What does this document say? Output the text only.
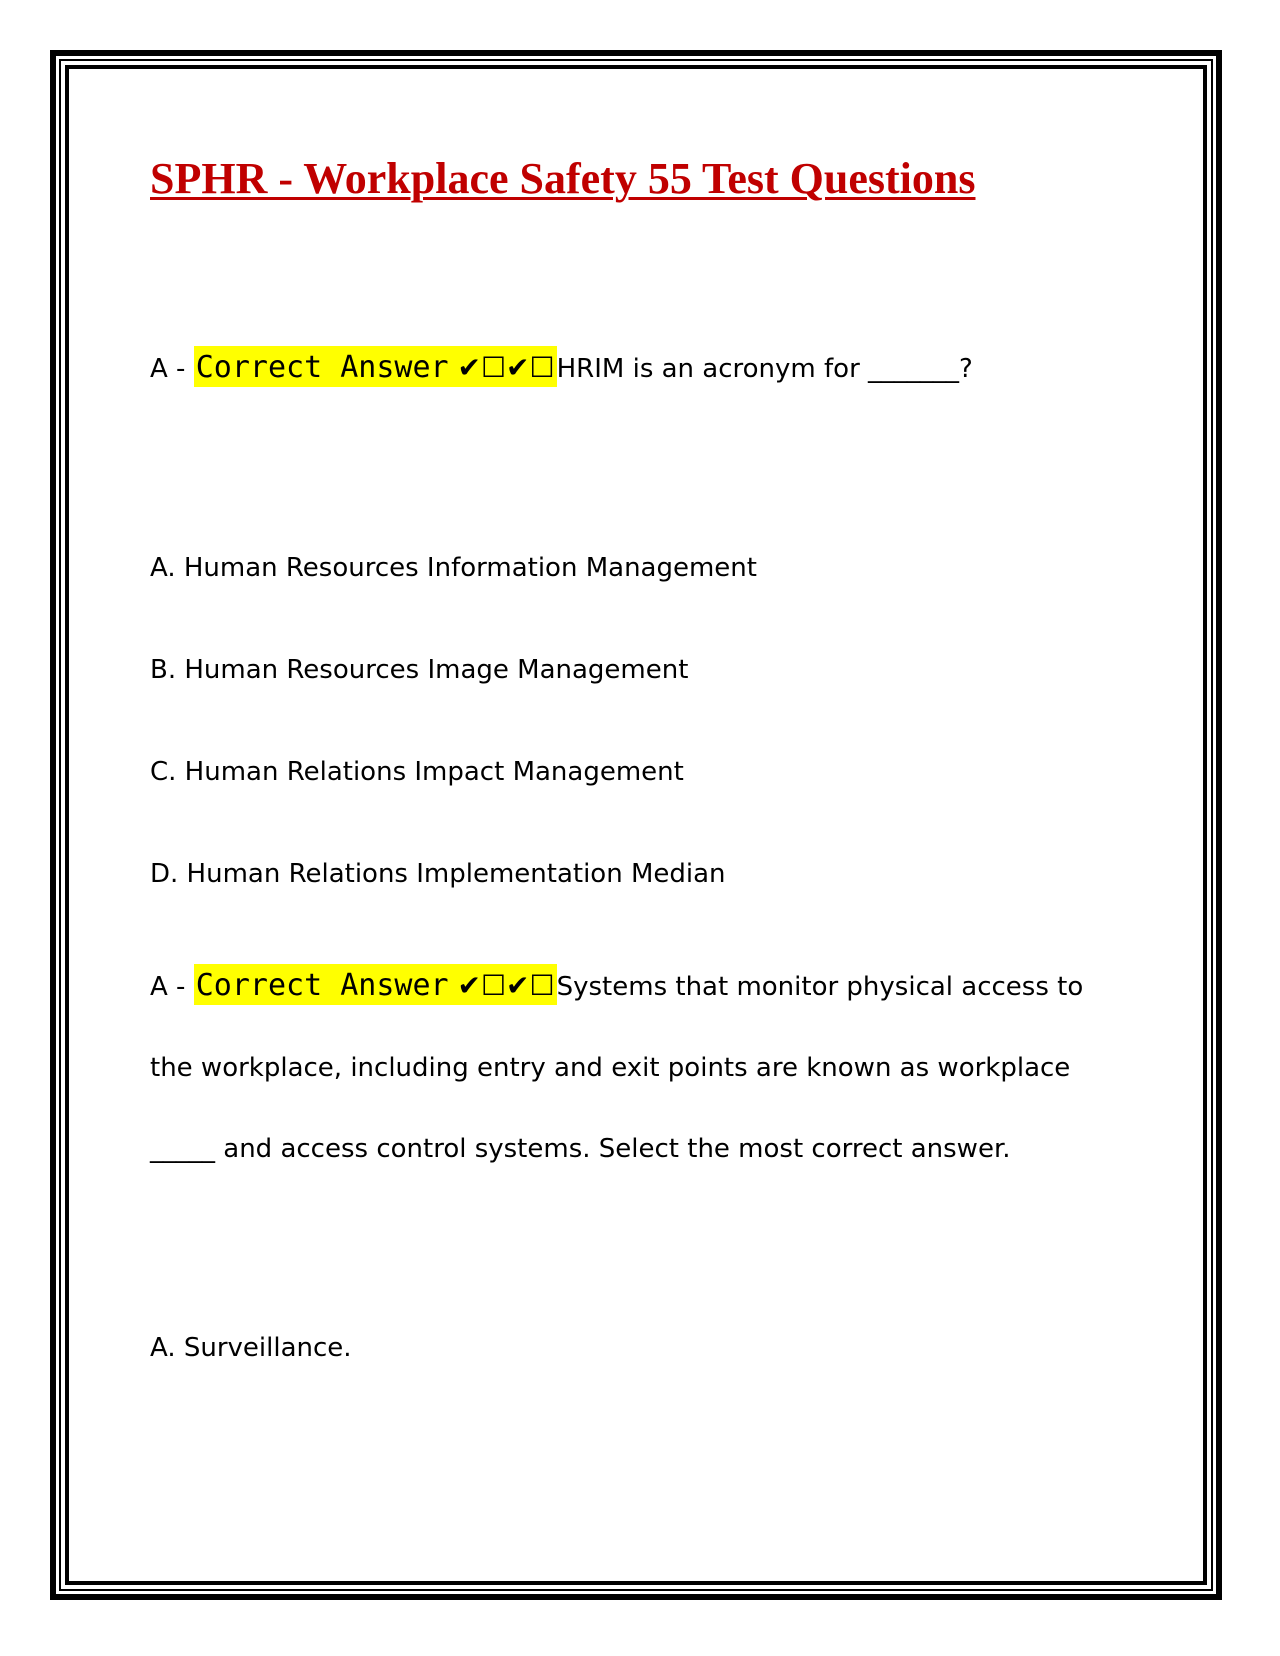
SPHR - Workplace Safety 55 Test Questions
A - Correct Answer ✔☐✔☐HRIM is an acronym for _______?
A. Human Resources Information Management
B. Human Resources Image Management
C. Human Relations Impact Management
D. Human Relations Implementation Median
A - Correct Answer ✔☐✔☐Systems that monitor physical access to
the workplace, including entry and exit points are known as workplace
_____ and access control systems. Select the most correct answer.
A. Surveillance.
